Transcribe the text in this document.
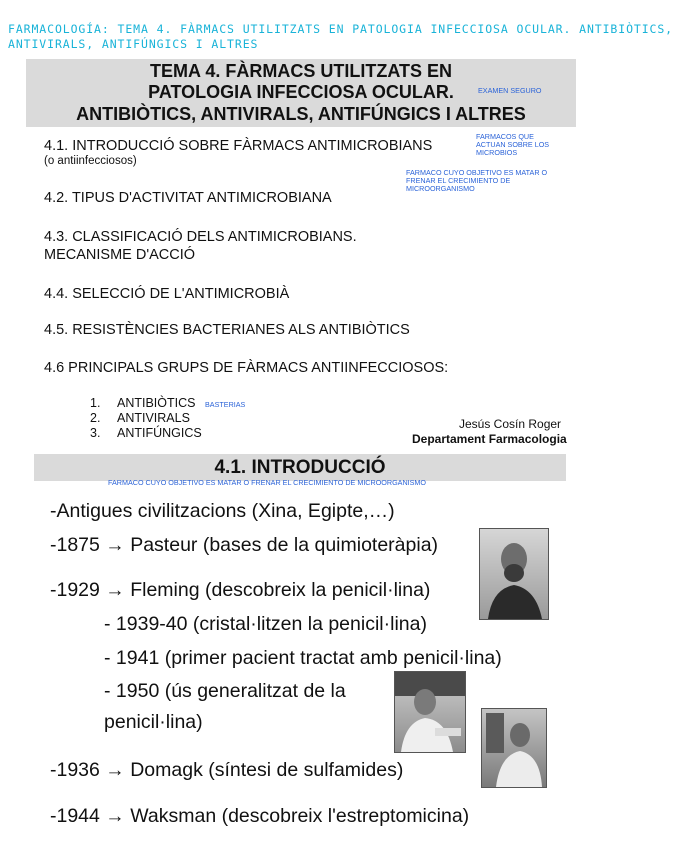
FARMACOLOGÍA: TEMA 4. FÀRMACS UTILITZATS EN PATOLOGIA INFECCIOSA OCULAR. ANTIBIÒTICS,
ANTIVIRALS, ANTIFÚNGICS I ALTRES
TEMA 4. FÀRMACS UTILITZATS EN
PATOLOGIA INFECCIOSA OCULAR.
ANTIBIÒTICS, ANTIVIRALS, ANTIFÚNGICS I ALTRES
EXAMEN SEGURO
4.1. INTRODUCCIÓ SOBRE FÀRMACS ANTIMICROBIANS
(o antiinfecciosos)
FARMACOS QUE
ACTUAN SOBRE LOS
MICROBIOS
FARMACO CUYO OBJETIVO ES MATAR O
FRENAR EL CRECIMIENTO DE
MICROORGANISMO
4.2. TIPUS D'ACTIVITAT ANTIMICROBIANA
4.3. CLASSIFICACIÓ DELS ANTIMICROBIANS.
MECANISME D'ACCIÓ
4.4. SELECCIÓ DE L'ANTIMICROBIÀ
4.5. RESISTÈNCIES BACTERIANES ALS ANTIBIÒTICS
4.6 PRINCIPALS GRUPS DE FÀRMACS ANTIINFECCIOSOS:
1. ANTIBIÒTICS BASTERIAS
2. ANTIVIRALS
3. ANTIFÚNGICS
Jesús Cosín Roger
Departament Farmacologia
4.1. INTRODUCCIÓ
FARMACO CUYO OBJETIVO ES MATAR O FRENAR EL CRECIMIENTO DE MICROORGANISMO
-Antigues civilitzacions (Xina, Egipte,…)
-1875 → Pasteur (bases de la quimioteràpia)
-1929 → Fleming (descobreix la penicil·lina)
- 1939-40 (cristal·litzen la penicil·lina)
- 1941 (primer pacient tractat amb penicil·lina)
- 1950 (ús generalitzat de la
penicil·lina)
-1936 → Domagk (síntesi de sulfamides)
-1944 → Waksman (descobreix l'estreptomicina)
